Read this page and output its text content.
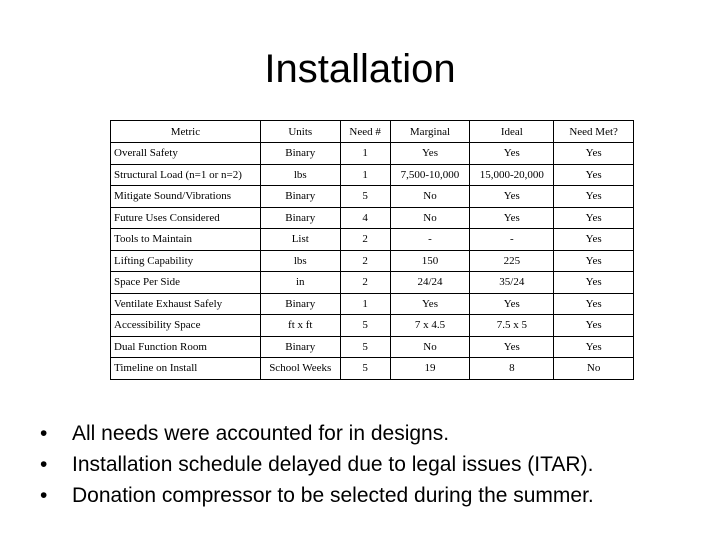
Installation
Metric	Units	Need #	Marginal	Ideal	Need Met?
Overall Safety	Binary	1	Yes	Yes	Yes
Structural Load (n=1 or n=2)	lbs	1	7,500-10,000	15,000-20,000	Yes
Mitigate Sound/Vibrations	Binary	5	No	Yes	Yes
Future Uses Considered	Binary	4	No	Yes	Yes
Tools to Maintain	List	2	-	-	Yes
Lifting Capability	lbs	2	150	225	Yes
Space Per Side	in	2	24/24	35/24	Yes
Ventilate Exhaust Safely	Binary	1	Yes	Yes	Yes
Accessibility Space	ft x ft	5	7 x 4.5	7.5 x 5	Yes
Dual Function Room	Binary	5	No	Yes	Yes
Timeline on Install	School Weeks	5	19	8	No
•	All needs were accounted for in designs.
•	Installation schedule delayed due to legal issues (ITAR).
•	Donation compressor to be selected during the summer.
